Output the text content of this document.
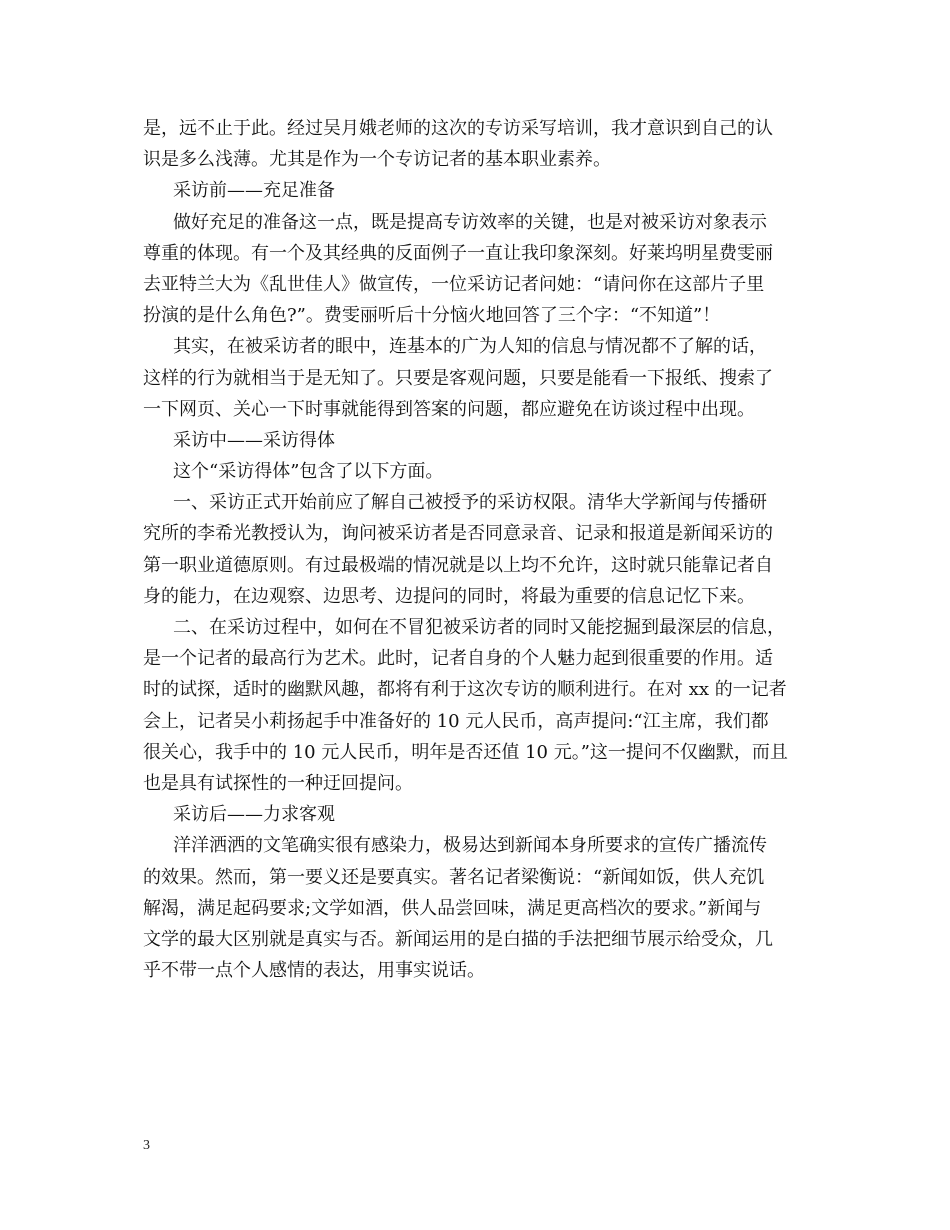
是，远不止于此。经过吴月娥老师的这次的专访采写培训，我才意识到自己的认
识是多么浅薄。尤其是作为一个专访记者的基本职业素养。
采访前——充足准备
做好充足的准备这一点，既是提高专访效率的关键，也是对被采访对象表示
尊重的体现。有一个及其经典的反面例子一直让我印象深刻。好莱坞明星费雯丽
去亚特兰大为《乱世佳人》做宣传，一位采访记者问她：“请问你在这部片子里
扮演的是什么角色?”。费雯丽听后十分恼火地回答了三个字：“不知道”！
其实，在被采访者的眼中，连基本的广为人知的信息与情况都不了解的话，
这样的行为就相当于是无知了。只要是客观问题，只要是能看一下报纸、搜索了
一下网页、关心一下时事就能得到答案的问题，都应避免在访谈过程中出现。
采访中——采访得体
这个“采访得体”包含了以下方面。
一、采访正式开始前应了解自己被授予的采访权限。清华大学新闻与传播研
究所的李希光教授认为，询问被采访者是否同意录音、记录和报道是新闻采访的
第一职业道德原则。有过最极端的情况就是以上均不允许，这时就只能靠记者自
身的能力，在边观察、边思考、边提问的同时，将最为重要的信息记忆下来。
二、在采访过程中，如何在不冒犯被采访者的同时又能挖掘到最深层的信息，
是一个记者的最高行为艺术。此时，记者自身的个人魅力起到很重要的作用。适
时的试探，适时的幽默风趣，都将有利于这次专访的顺利进行。在对 xx 的一记者
会上，记者吴小莉扬起手中准备好的 10 元人民币，高声提问:“江主席，我们都
很关心，我手中的 10 元人民币，明年是否还值 10 元。”这一提问不仅幽默，而且
也是具有试探性的一种迂回提问。
采访后——力求客观
洋洋洒洒的文笔确实很有感染力，极易达到新闻本身所要求的宣传广播流传
的效果。然而，第一要义还是要真实。著名记者梁衡说：“新闻如饭，供人充饥
解渴，满足起码要求;文学如酒，供人品尝回味，满足更高档次的要求。”新闻与
文学的最大区别就是真实与否。新闻运用的是白描的手法把细节展示给受众，几
乎不带一点个人感情的表达，用事实说话。
3
